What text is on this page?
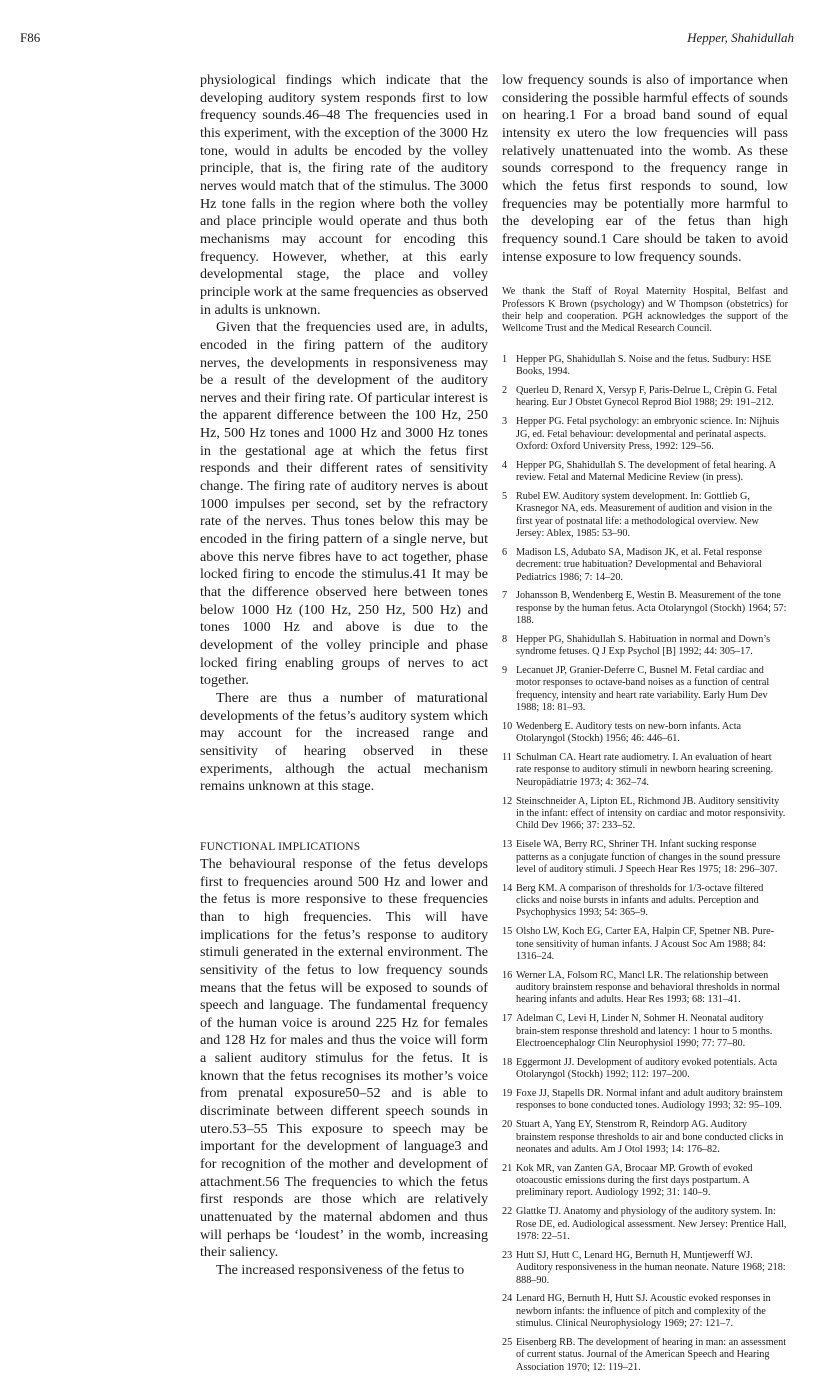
F86	Hepper, Shahidullah

physiological findings which indicate that the developing auditory system responds first to low frequency sounds.46–48 The frequencies used in this experiment, with the exception of the 3000 Hz tone, would in adults be encoded by the volley principle, that is, the firing rate of the auditory nerves would match that of the stimulus. The 3000 Hz tone falls in the region where both the volley and place principle would operate and thus both mechanisms may account for encoding this frequency. However, whether, at this early developmental stage, the place and volley principle work at the same frequencies as observed in adults is unknown.

Given that the frequencies used are, in adults, encoded in the firing pattern of the auditory nerves, the developments in responsiveness may be a result of the development of the auditory nerves and their firing rate. Of particular interest is the apparent difference between the 100 Hz, 250 Hz, 500 Hz tones and 1000 Hz and 3000 Hz tones in the gestational age at which the fetus first responds and their different rates of sensitivity change. The firing rate of auditory nerves is about 1000 impulses per second, set by the refractory rate of the nerves. Thus tones below this may be encoded in the firing pattern of a single nerve, but above this nerve fibres have to act together, phase locked firing to encode the stimulus.41 It may be that the difference observed here between tones below 1000 Hz (100 Hz, 250 Hz, 500 Hz) and tones 1000 Hz and above is due to the development of the volley principle and phase locked firing enabling groups of nerves to act together.

There are thus a number of maturational developments of the fetus’s auditory system which may account for the increased range and sensitivity of hearing observed in these experiments, although the actual mechanism remains unknown at this stage.

FUNCTIONAL IMPLICATIONS

The behavioural response of the fetus develops first to frequencies around 500 Hz and lower and the fetus is more responsive to these frequencies than to high frequencies. This will have implications for the fetus’s response to auditory stimuli generated in the external environment. The sensitivity of the fetus to low frequency sounds means that the fetus will be exposed to sounds of speech and language. The fundamental frequency of the human voice is around 225 Hz for females and 128 Hz for males and thus the voice will form a salient auditory stimulus for the fetus. It is known that the fetus recognises its mother’s voice from prenatal exposure50–52 and is able to discriminate between different speech sounds in utero.53–55 This exposure to speech may be important for the development of language3 and for recognition of the mother and development of attachment.56 The frequencies to which the fetus first responds are those which are relatively unattenuated by the maternal abdomen and thus will perhaps be ‘loudest’ in the womb, increasing their saliency.

The increased responsiveness of the fetus to

low frequency sounds is also of importance when considering the possible harmful effects of sounds on hearing.1 For a broad band sound of equal intensity ex utero the low frequencies will pass relatively unattenuated into the womb. As these sounds correspond to the frequency range in which the fetus first responds to sound, low frequencies may be potentially more harmful to the developing ear of the fetus than high frequency sound.1 Care should be taken to avoid intense exposure to low frequency sounds.

We thank the Staff of Royal Maternity Hospital, Belfast and Professors K Brown (psychology) and W Thompson (obstetrics) for their help and cooperation. PGH acknowledges the support of the Wellcome Trust and the Medical Research Council.

1 Hepper PG, Shahidullah S. Noise and the fetus. Sudbury: HSE Books, 1994.
2 Querleu D, Renard X, Versyp F, Paris-Delrue L, Crèpin G. Fetal hearing. Eur J Obstet Gynecol Reprod Biol 1988; 29: 191–212.
3 Hepper PG. Fetal psychology: an embryonic science. In: Nijhuis JG, ed. Fetal behaviour: developmental and perinatal aspects. Oxford: Oxford University Press, 1992: 129–56.
4 Hepper PG, Shahidullah S. The development of fetal hearing. A review. Fetal and Maternal Medicine Review (in press).
5 Rubel EW. Auditory system development. In: Gottlieb G, Krasnegor NA, eds. Measurement of audition and vision in the first year of postnatal life: a methodological overview. New Jersey: Ablex, 1985: 53–90.
6 Madison LS, Adubato SA, Madison JK, et al. Fetal response decrement: true habituation? Developmental and Behavioral Pediatrics 1986; 7: 14–20.
7 Johansson B, Wendenberg E, Westin B. Measurement of the tone response by the human fetus. Acta Otolaryngol (Stockh) 1964; 57: 188.
8 Hepper PG, Shahidullah S. Habituation in normal and Down’s syndrome fetuses. Q J Exp Psychol [B] 1992; 44: 305–17.
9 Lecanuet JP, Granier-Deferre C, Busnel M. Fetal cardiac and motor responses to octave-band noises as a function of central frequency, intensity and heart rate variability. Early Hum Dev 1988; 18: 81–93.
10 Wedenberg E. Auditory tests on new-born infants. Acta Otolaryngol (Stockh) 1956; 46: 446–61.
11 Schulman CA. Heart rate audiometry. I. An evaluation of heart rate response to auditory stimuli in newborn hearing screening. Neuropädiatrie 1973; 4: 362–74.
12 Steinschneider A, Lipton EL, Richmond JB. Auditory sensitivity in the infant: effect of intensity on cardiac and motor responsivity. Child Dev 1966; 37: 233–52.
13 Eisele WA, Berry RC, Shriner TH. Infant sucking response patterns as a conjugate function of changes in the sound pressure level of auditory stimuli. J Speech Hear Res 1975; 18: 296–307.
14 Berg KM. A comparison of thresholds for 1/3-octave filtered clicks and noise bursts in infants and adults. Perception and Psychophysics 1993; 54: 365–9.
15 Olsho LW, Koch EG, Carter EA, Halpin CF, Spetner NB. Pure-tone sensitivity of human infants. J Acoust Soc Am 1988; 84: 1316–24.
16 Werner LA, Folsom RC, Mancl LR. The relationship between auditory brainstem response and behavioral thresholds in normal hearing infants and adults. Hear Res 1993; 68: 131–41.
17 Adelman C, Levi H, Linder N, Sohmer H. Neonatal auditory brain-stem response threshold and latency: 1 hour to 5 months. Electroencephalogr Clin Neurophysiol 1990; 77: 77–80.
18 Eggermont JJ. Development of auditory evoked potentials. Acta Otolaryngol (Stockh) 1992; 112: 197–200.
19 Foxe JJ, Stapells DR. Normal infant and adult auditory brainstem responses to bone conducted tones. Audiology 1993; 32: 95–109.
20 Stuart A, Yang EY, Stenstrom R, Reindorp AG. Auditory brainstem response thresholds to air and bone conducted clicks in neonates and adults. Am J Otol 1993; 14: 176–82.
21 Kok MR, van Zanten GA, Brocaar MP. Growth of evoked otoacoustic emissions during the first days postpartum. A preliminary report. Audiology 1992; 31: 140–9.
22 Glattke TJ. Anatomy and physiology of the auditory system. In: Rose DE, ed. Audiological assessment. New Jersey: Prentice Hall, 1978: 22–51.
23 Hutt SJ, Hutt C, Lenard HG, Bernuth H, Muntjewerff WJ. Auditory responsiveness in the human neonate. Nature 1968; 218: 888–90.
24 Lenard HG, Bernuth H, Hutt SJ. Acoustic evoked responses in newborn infants: the influence of pitch and complexity of the stimulus. Clinical Neurophysiology 1969; 27: 121–7.
25 Eisenberg RB. The development of hearing in man: an assessment of current status. Journal of the American Speech and Hearing Association 1970; 12: 119–21.
